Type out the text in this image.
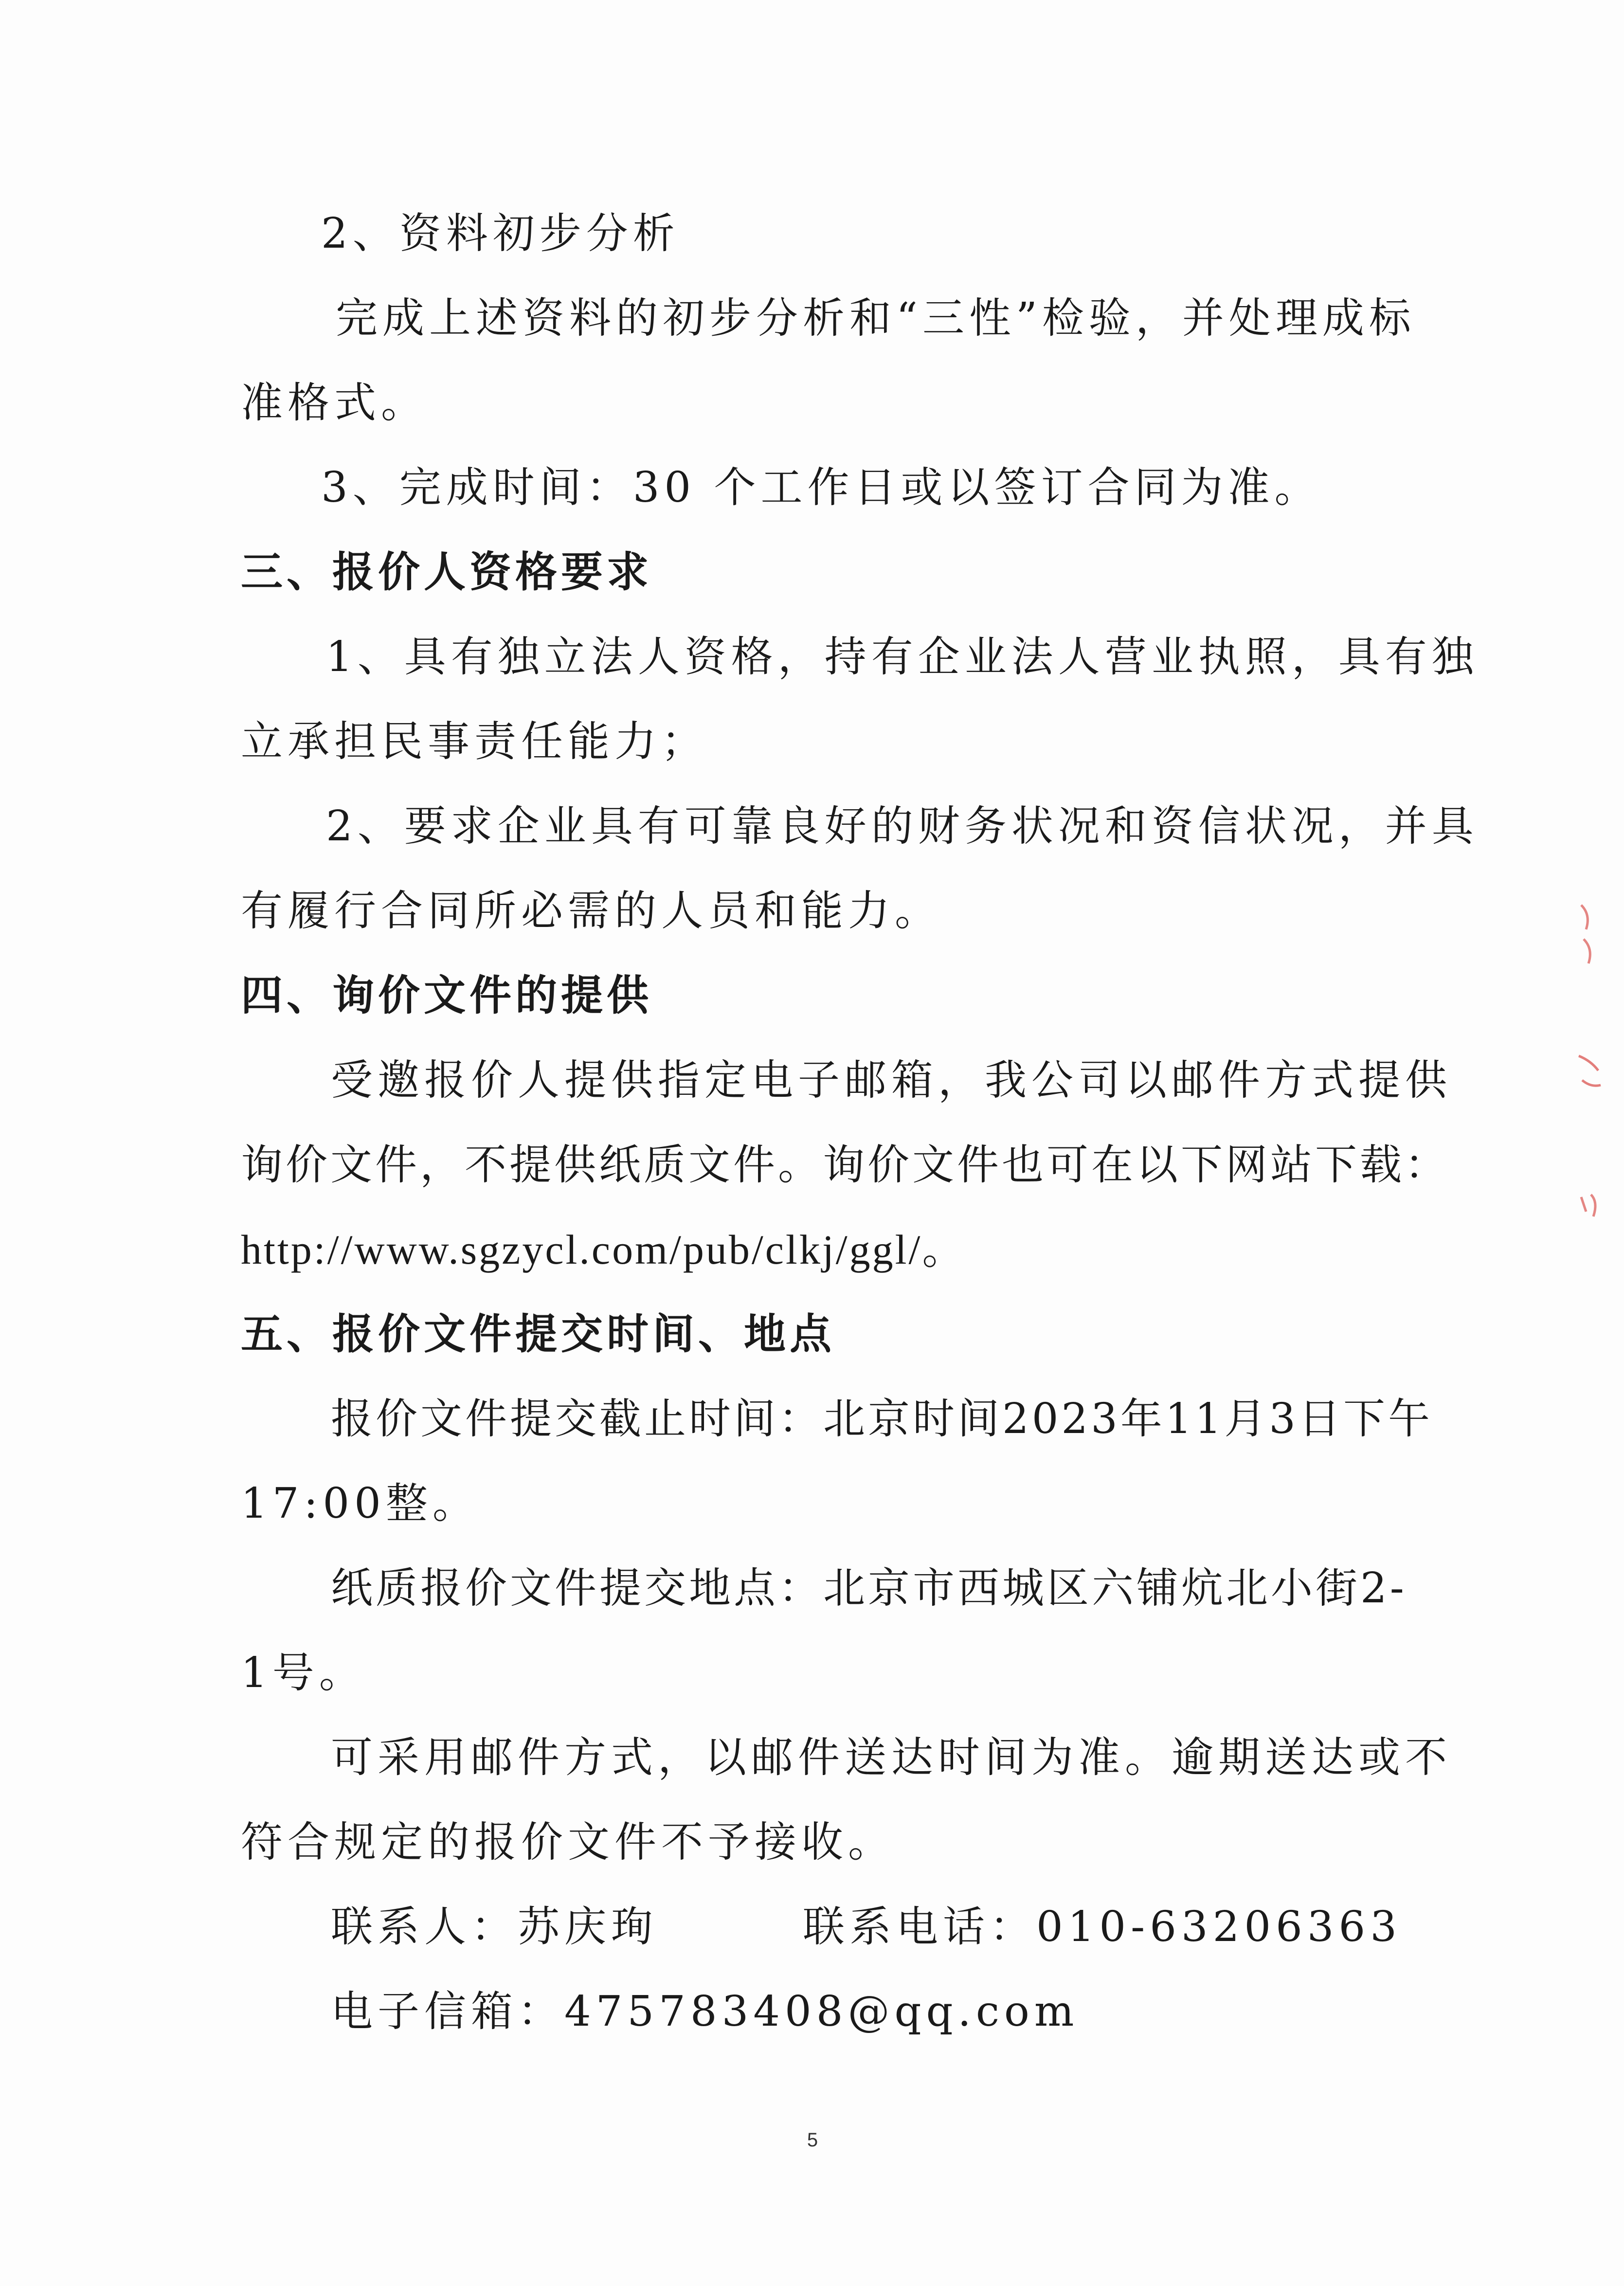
2、资料初步分析
完成上述资料的初步分析和“三性”检验，并处理成标
准格式。
3、完成时间：30 个工作日或以签订合同为准。
三、报价人资格要求
1、具有独立法人资格，持有企业法人营业执照，具有独
立承担民事责任能力；
2、要求企业具有可靠良好的财务状况和资信状况，并具
有履行合同所必需的人员和能力。
四、询价文件的提供
受邀报价人提供指定电子邮箱，我公司以邮件方式提供
询价文件，不提供纸质文件。询价文件也可在以下网站下载：
http://www.sgzycl.com/pub/clkj/ggl/。
五、报价文件提交时间、地点
报价文件提交截止时间：北京时间2023年11月3日下午
17:00整。
纸质报价文件提交地点：北京市西城区六铺炕北小街2-
1号。
可采用邮件方式，以邮件送达时间为准。逾期送达或不
符合规定的报价文件不予接收。
联系人：苏庆珣	联系电话：010-63206363
电子信箱：475783408@qq.com
5
